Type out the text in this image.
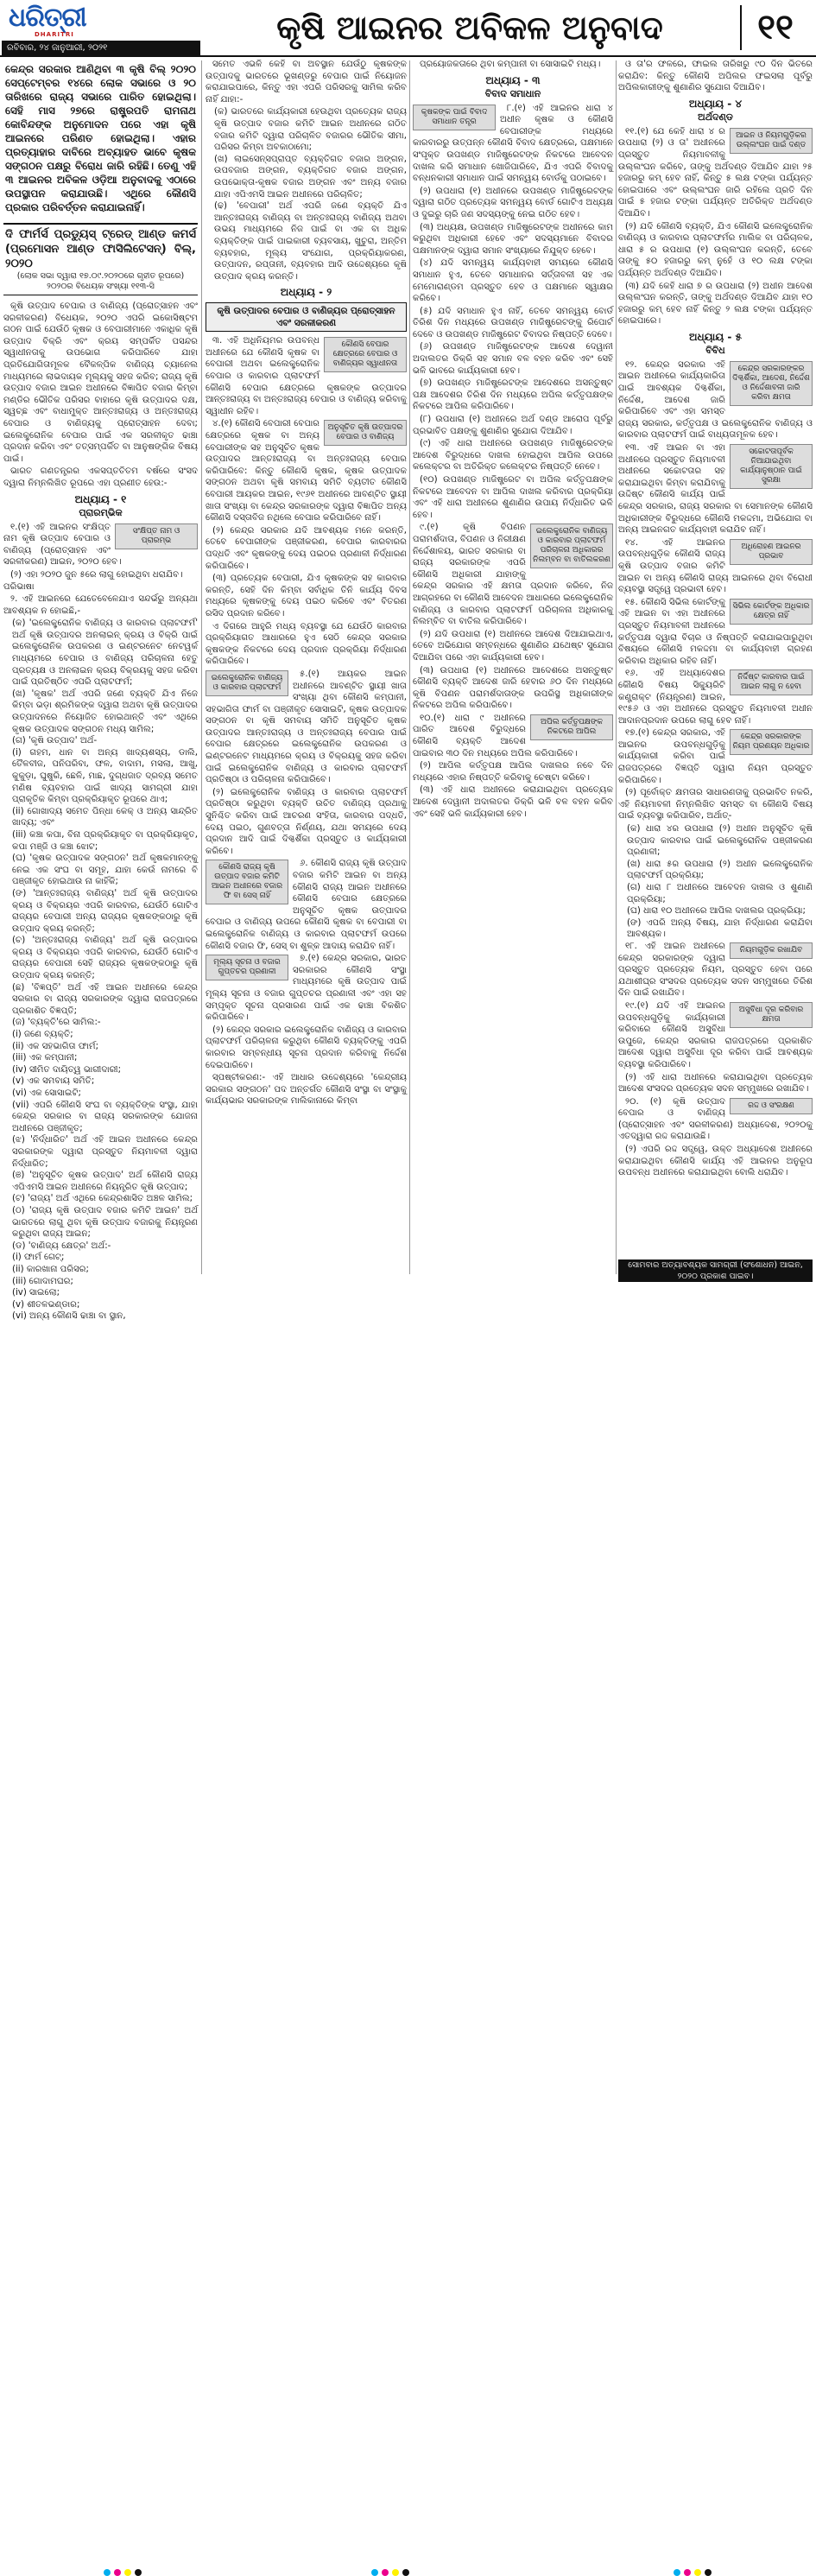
ଧରିତ୍ରୀ
DHARITRI
ରବିବାର, ୨୪ ଜାନୁଆରୀ, ୨୦୨୧
କୃଷି ଆଇନର ଅବିକଳ ଅନୁବାଦ	୧୧
କେନ୍ଦ୍ର ସରକାର ଆଣିଥିବା ୩ କୃଷି ବିଲ୍ ୨୦୨୦ ସେପ୍ଟେମ୍ବର ୧୪ରେ ଲୋକ ସଭାରେ ଓ ୨୦ ତାରିଖରେ ରାଜ୍ୟ ସଭାରେ ପାରିତ ହୋଇଥିଲା। ସେହି ମାସ ୨୭ରେ ରାଷ୍ଟ୍ରପତି ରାମନାଥ କୋବିନ୍ଦଙ୍କ ଅନୁମୋଦନ ପରେ ଏହା କୃଷି ଆଇନରେ ପରିଣତ ହୋଇଥିଲା। ଏହାର ପ୍ରତ୍ୟାହାର ଦାବିରେ ଅବ୍ୟାହତ ଭାବେ କୃଷକ ସଙ୍ଗଠନ ପକ୍ଷରୁ ବିରୋଧ ଜାରି ରହିଛି। ତେଣୁ ଏହି ୩ ଆଇନର ଅବିକଳ ଓଡ଼ିଆ ଅନୁବାଦକୁ ଏଠାରେ ଉପସ୍ଥାପନ କରାଯାଉଛି। ଏଥିରେ କୌଣସି ପ୍ରକାର ପରିବର୍ତ୍ତନ କରାଯାଇନାହିଁ।
ଦି ଫାର୍ମର୍ସ ପ୍ରଡ୍ୟୁସ୍ ଟ୍ରେଡ୍ ଆଣ୍ଡ କମର୍ସ (ପ୍ରମୋସନ ଆଣ୍ଡ ଫାସିଲିଟେସନ୍) ବିଲ୍, ୨୦୨୦
(ଲୋକ ସଭା ଦ୍ୱାରା ୧୭.୦୯.୨୦୨୦ରେ ଗୃହୀତ ରୂପରେ) ୨୦୨୦ର ବିଧେୟକ ସଂଖ୍ୟା ୧୧୩-ସି

କୃଷି ଉତ୍ପାଦ ବେପାର ଓ ବାଣିଜ୍ୟ (ପ୍ରୋତ୍ସାହନ ଏବଂ ସରଳୀକରଣ) ବିଧେୟକ, ୨୦୨୦ ଏପରି ଇକୋସିଷ୍ଟମ ଗଠନ ପାଇଁ ଯେଉଁଠି କୃଷକ ଓ ବେପାରୀମାନେ ଏକାଧିକ କୃଷି ଉତ୍ପାଦ ବିକ୍ରି ଏବଂ କ୍ରୟ ସମ୍ପର୍କିତ ପସନ୍ଦର ସ୍ୱାଧୀନତାକୁ ଉପଭୋଗ କରିପାରିବେ ଯାହା ପ୍ରତିଯୋଗିତାମୂଳକ ବୈକଳ୍ପିକ ବାଣିଜ୍ୟ ଚ୍ୟାନେଲ ମାଧ୍ୟମରେ ଲାଭଦାୟକ ମୂଲ୍ୟକୁ ସହଜ କରିବ; ରାଜ୍ୟ କୃଷି ଉତ୍ପାଦ ବଜାର ଆଇନ ଅଧୀନରେ ବିଜ୍ଞାପିତ ବଜାର କିମ୍ବା ମଣ୍ଡିର ଭୌତିକ ପରିସର ବାହାରେ କୃଷି ଉତ୍ପାଦର ଦକ୍ଷ, ସ୍ୱଚ୍ଛ ଏବଂ ବାଧାମୁକ୍ତ ଆନ୍ତଃରାଜ୍ୟ ଓ ଅନ୍ତଃରାଜ୍ୟ ବେପାର ଓ ବାଣିଜ୍ୟକୁ ପ୍ରୋତ୍ସାହନ ଦେବା; ଇଲେକ୍ଟ୍ରୋନିକ ବେପାର ପାଇଁ ଏକ ସରଳୀକୃତ ଢାଞ୍ଚା ପ୍ରଦାନ କରିବା ଏବଂ ତତ୍ସମ୍ପର୍କିତ ବା ଆନୁଷଙ୍ଗିକ ବିଷୟ ପାଇଁ।

ଭାରତ ଗଣତନ୍ତ୍ରର ଏକସପ୍ତତିତମ ବର୍ଷରେ ସଂସଦ ଦ୍ୱାରା ନିମ୍ନଲିଖିତ ରୂପରେ ଏହା ପ୍ରଣୀତ ହେଉ:-

ଅଧ୍ୟାୟ - ୧
ପ୍ରାରମ୍ଭିକ
ସଂକ୍ଷିପ୍ତ ନାମ ଓ ପ୍ରାରମ୍ଭ

୧.(୧) ଏହି ଆଇନର ସଂକ୍ଷିପ୍ତ ନାମ କୃଷି ଉତ୍ପାଦ ବେପାର ଓ ବାଣିଜ୍ୟ (ପ୍ରୋତ୍ସାହନ ଏବଂ ସରଳୀକରଣ) ଆଇନ, ୨୦୨୦ ହେବ।

(୨) ଏହା ୨୦୨୦ ଜୁନ ୫ରେ ଲାଗୁ ହୋଇଥିବା ଧରାଯିବ।

ପରିଭାଷା

୨. ଏହି ଆଇନରେ ଯେତେବେଳେଯାଏ ସନ୍ଦର୍ଭରୁ ଅନ୍ୟଥା ଆବଶ୍ୟକ ନ ହୋଇଛି,-

(କ) 'ଇଲେକ୍ଟ୍ରୋନିକ ବାଣିଜ୍ୟ ଓ କାରବାର ପ୍ଲାଟଫର୍ମ' ଅର୍ଥ କୃଷି ଉତ୍ପାଦର ଅନଲାଇନ୍ କ୍ରୟ ଓ ବିକ୍ରି ପାଇଁ ଇଲେକ୍ଟ୍ରୋନିକ ଉପକରଣ ଓ ଇଣ୍ଟରନେଟ ନେଟୱର୍କ ମାଧ୍ୟମରେ ବେପାର ଓ ବାଣିଜ୍ୟ ପରିଚାଳନା ହେତୁ ପ୍ରତ୍ୟକ୍ଷ ଓ ଅନଲାଇନ କ୍ରୟ ବିକ୍ରୟକୁ ସହଜ କରିବା ପାଇଁ ପ୍ରତିଷ୍ଠିତ ଏପରି ପ୍ଲାଟଫର୍ମ;

(ଖ) 'କୃଷକ' ଅର୍ଥ ଏପରି ଜଣେ ବ୍ୟକ୍ତି ଯିଏ ନିଜେ କିମ୍ବା ଭଡ଼ା ଶ୍ରମିକଙ୍କ ଦ୍ୱାରା ଅଥବା କୃଷି ଉତ୍ପାଦର ଉତ୍ପାଦନରେ ନିୟୋଜିତ ହୋଇଥାନ୍ତି ଏବଂ ଏଥିରେ କୃଷକ ଉତ୍ପାଦକ ସଙ୍ଗଠନ ମଧ୍ୟ ସାମିଲ;

(ଗ) 'କୃଷି ଉତ୍ପାଦ' ଅର୍ଥ-

(i) ଗହମ, ଧାନ ବା ଅନ୍ୟ ଖାଦ୍ୟଶସ୍ୟ, ଡାଲି, ତୈଳବୀଜ, ପନିପରିବା, ଫଳ, ବାଦାମ, ମସଲା, ଆଖୁ, କୁକୁଡ଼ା, ଘୁଷୁରି, ଛେଳି, ମାଛ, ଦୁଗ୍ଧଜାତ ଦ୍ରବ୍ୟ ସମେତ ମଣିଷ ବ୍ୟବହାର ପାଇଁ ଖାଦ୍ୟ ସାମଗ୍ରୀ ଯାହା ପ୍ରାକୃତିକ କିମ୍ବା ପ୍ରକ୍ରିୟାକୃତ ରୂପରେ ଥାଏ;

(ii) ଗୋଖାଦ୍ୟ ସମେତ ପିନ୍ଧା କେକ୍ ଓ ଅନ୍ୟ ସାନ୍ଦ୍ରିତ ଖାଦ୍ୟ; ଏବଂ

(iii) କଞ୍ଚା କପା, ବିନା ପ୍ରକ୍ରିୟାକୃତ ବା ପ୍ରକ୍ରିୟାକୃତ, କପା ମଞ୍ଜି ଓ କଞ୍ଚା ଝୋଟ;

(ଘ) 'କୃଷକ ଉତ୍ପାଦକ ସଙ୍ଗଠନ' ଅର୍ଥ କୃଷକମାନଙ୍କୁ ନେଇ ଏକ ସଂଘ ବା ସମୂହ, ଯାହା କେଉଁ ନାମରେ ବି ପଞ୍ଜୀକୃତ ହୋଇଥାଉ ନା କାହିଁକି;

(ଙ) 'ଆନ୍ତଃରାଜ୍ୟ ବାଣିଜ୍ୟ' ଅର୍ଥ କୃଷି ଉତ୍ପାଦର କ୍ରୟ ଓ ବିକ୍ରୟର ଏପରି କାରବାର, ଯେଉଁଠି ଗୋଟିଏ ରାଜ୍ୟର ବେପାରୀ ଅନ୍ୟ ରାଜ୍ୟର କୃଷକଙ୍କଠାରୁ କୃଷି ଉତ୍ପାଦ କ୍ରୟ କରନ୍ତି;

(ଚ) 'ଅନ୍ତଃରାଜ୍ୟ ବାଣିଜ୍ୟ' ଅର୍ଥ କୃଷି ଉତ୍ପାଦର କ୍ରୟ ଓ ବିକ୍ରୟର ଏପରି କାରବାର, ଯେଉଁଠି ଗୋଟିଏ ରାଜ୍ୟର ବେପାରୀ ସେହି ରାଜ୍ୟର କୃଷକଙ୍କଠାରୁ କୃଷି ଉତ୍ପାଦ କ୍ରୟ କରନ୍ତି;

(ଛ) 'ବିଜ୍ଞପ୍ତି' ଅର୍ଥ ଏହି ଆଇନ ଅଧୀନରେ କେନ୍ଦ୍ର ସରକାର ବା ରାଜ୍ୟ ସରକାରଙ୍କ ଦ୍ୱାରା ରାଜପତ୍ରରେ ପ୍ରକାଶିତ ବିଜ୍ଞପ୍ତି;

(ଜ) 'ବ୍ୟକ୍ତି'ରେ ସାମିଲ:-

(i) ଜଣେ ବ୍ୟକ୍ତି;

(ii) ଏକ ସହଭାଗିତା ଫାର୍ମ;

(iii) ଏକ କମ୍ପାନୀ;

(iv) ସୀମିତ ଦାୟିତ୍ୱ ଭାଗୀଦାରୀ;

(v) ଏକ ସମବାୟ ସମିତି;

(vi) ଏକ ସୋସାଇଟି;

(vii) ଏପରି କୌଣସି ସଂଘ ବା ବ୍ୟକ୍ତିଙ୍କ ସଂସ୍ଥା, ଯାହା କେନ୍ଦ୍ର ସରକାର ବା ରାଜ୍ୟ ସରକାରଙ୍କ ଯୋଜନା ଅଧୀନରେ ପଞ୍ଜୀକୃତ;

(ଝ) 'ନିର୍ଦ୍ଧାରିତ' ଅର୍ଥ ଏହି ଆଇନ ଅଧୀନରେ କେନ୍ଦ୍ର ସରକାରଙ୍କ ଦ୍ୱାରା ପ୍ରସ୍ତୁତ ନିୟମାବଳୀ ଦ୍ୱାରା ନିର୍ଦ୍ଧାରିତ;

(ଞ) 'ଅନୁସୂଚିତ କୃଷକ ଉତ୍ପାଦ' ଅର୍ଥ କୌଣସି ରାଜ୍ୟ ଏପିଏମସି ଆଇନ ଅଧୀନରେ ନିୟନ୍ତ୍ରିତ କୃଷି ଉତ୍ପାଦ;

(ଟ) 'ରାଜ୍ୟ' ଅର୍ଥ ଏଥିରେ କେନ୍ଦ୍ରଶାସିତ ଅଞ୍ଚଳ ସାମିଲ;

(ଠ) 'ରାଜ୍ୟ କୃଷି ଉତ୍ପାଦ ବଜାର କମିଟି ଆଇନ' ଅର୍ଥ ଭାରତରେ ଲାଗୁ ଥିବା କୃଷି ଉତ୍ପାଦ ବଜାରକୁ ନିୟନ୍ତ୍ରଣ କରୁଥିବା ରାଜ୍ୟ ଆଇନ;

(ଡ) 'ବାଣିଜ୍ୟ କ୍ଷେତ୍ର' ଅର୍ଥ:-

(i) ଫାର୍ମ ଗେଟ୍;

(ii) କାରଖାନା ପରିସର;

(iii) ଗୋଦାମଘର;

(iv) ସାଇଲୋ;

(v) ଶୀତଳଭଣ୍ଡାର;

(vi) ଅନ୍ୟ କୌଣସି ଢାଞ୍ଚା ବା ସ୍ଥାନ,

ସମେତ ଏଭଳି କେହି ବା ଅବସ୍ଥାନ ଯେଉଁଠୁ କୃଷକଙ୍କ ଉତ୍ପାଦକୁ ଭାରତରେ ଭୂଖଣ୍ଡରୁ ବେପାର ପାଇଁ ନିୟୋଜନ କରାଯାଇପାରେ, କିନ୍ତୁ ଏହା ଏପରି ପରିସରକୁ ସାମିଲ କରିବ ନାହିଁ ଯାହା:-

(କ) ଭାରତରେ କାର୍ଯ୍ୟକାରୀ ହେଉଥିବା ପ୍ରତ୍ୟେକ ରାଜ୍ୟ କୃଷି ଉତ୍ପାଦ ବଜାର କମିଟି ଆଇନ ଅଧୀନରେ ଗଠିତ ବଜାର କମିଟି ଦ୍ୱାରା ପରିଚାଳିତ ବଜାରର ଭୌତିକ ସୀମା, ପରିସର କିମ୍ବା ଅବକାଠାମୋ;

(ଖ) ଲାଇସେନ୍ସପ୍ରାପ୍ତ ବ୍ୟକ୍ତିଗତ ବଜାର ଅଙ୍ଗନ, ଉପବଜାର ଅଙ୍ଗନ, ବ୍ୟକ୍ତିଗତ ବଜାର ଅଙ୍ଗନ, ଉପଭୋକ୍ତା-କୃଷକ ବଜାର ଅଙ୍ଗନ ଏବଂ ଅନ୍ୟ ବଜାର ଯାହା ଏପିଏମସି ଆଇନ ଅଧୀନରେ ପରିଚାଳିତ;

(ଢ) 'ବେପାରୀ' ଅର୍ଥ ଏପରି ଜଣେ ବ୍ୟକ୍ତି ଯିଏ ଆନ୍ତଃରାଜ୍ୟ ବାଣିଜ୍ୟ ବା ଅନ୍ତଃରାଜ୍ୟ ବାଣିଜ୍ୟ ଅଥବା ଉଭୟ ମାଧ୍ୟମରେ ନିଜ ପାଇଁ ବା ଏକ ବା ଅଧିକ ବ୍ୟକ୍ତିଙ୍କ ପାଇଁ ପାଇକାରୀ ବ୍ୟବସାୟ, ଖୁଚୁରା, ଅନ୍ତିମ ବ୍ୟବହାର, ମୂଲ୍ୟ ସଂଯୋଗ, ପ୍ରକ୍ରିୟାକରଣ, ଉତ୍ପାଦନ, ରପ୍ତାନୀ, ବ୍ୟବହାର ଆଦି ଉଦ୍ଦେଶ୍ୟରେ କୃଷି ଉତ୍ପାଦ କ୍ରୟ କରନ୍ତି।

ଅଧ୍ୟାୟ - ୨
କୃଷି ଉତ୍ପାଦର ବେପାର ଓ ବାଣିଜ୍ୟର ପ୍ରୋତ୍ସାହନ ଏବଂ ସରଳୀକରଣ
କୌଣସି ବେପାର କ୍ଷେତ୍ରରେ ବେପାର ଓ ବାଣିଜ୍ୟର ସ୍ୱାଧୀନତା

୩. ଏହି ଅଧିନିୟମର ଉପବନ୍ଧ ଅଧୀନରେ ଯେ କୌଣସି କୃଷକ ବା ବେପାରୀ ଅଥବା ଇଲେକ୍ଟ୍ରୋନିକ ବେପାର ଓ କାରବାର ପ୍ଲାଟଫର୍ମ କୌଣସି ବେପାର କ୍ଷେତ୍ରରେ କୃଷକଙ୍କ ଉତ୍ପାଦର ଆନ୍ତଃରାଜ୍ୟ ବା ଅନ୍ତଃରାଜ୍ୟ ବେପାର ଓ ବାଣିଜ୍ୟ କରିବାକୁ ସ୍ୱାଧୀନ ରହିବ।

ଅନୁସୂଚିତ କୃଷି ଉତ୍ପାଦର ବେପାର ଓ ବାଣିଜ୍ୟ

୪.(୧) କୌଣସି ବେପାରୀ ବେପାର କ୍ଷେତ୍ରରେ କୃଷକ ବା ଅନ୍ୟ ବେପାରୀଙ୍କ ସହ ଅନୁସୂଚିତ କୃଷକ ଉତ୍ପାଦର ଆନ୍ତଃରାଜ୍ୟ ବା ଅନ୍ତଃରାଜ୍ୟ ବେପାର କରିପାରିବେ: କିନ୍ତୁ କୌଣସି କୃଷକ, କୃଷକ ଉତ୍ପାଦକ ସଙ୍ଗଠନ ଅଥବା କୃଷି ସମବାୟ ସମିତି ବ୍ୟତୀତ କୌଣସି ବେପାରୀ ଆୟକର ଆଇନ, ୧୯୬୧ ଅଧୀନରେ ଆବଣ୍ଟିତ ସ୍ଥାୟୀ ଖାତା ସଂଖ୍ୟା ବା କେନ୍ଦ୍ର ସରକାରଙ୍କ ଦ୍ୱାରା ବିଜ୍ଞାପିତ ଅନ୍ୟ କୌଣସି ଦସ୍ତାବିଜ ନଥିଲେ ବେପାର କରିପାରିବେ ନାହିଁ।

(୨) କେନ୍ଦ୍ର ସରକାର ଯଦି ଆବଶ୍ୟକ ମନେ କରନ୍ତି, ତେବେ ବେପାରୀଙ୍କ ପଞ୍ଜୀକରଣ, ବେପାର କାରବାରର ପଦ୍ଧତି ଏବଂ କୃଷକଙ୍କୁ ଦେୟ ପଇଠର ପ୍ରଣାଳୀ ନିର୍ଦ୍ଧାରଣ କରିପାରିବେ।

(୩) ପ୍ରତ୍ୟେକ ବେପାରୀ, ଯିଏ କୃଷକଙ୍କ ସହ କାରବାର କରନ୍ତି, ସେହି ଦିନ କିମ୍ବା ସର୍ବାଧିକ ତିନି କାର୍ଯ୍ୟ ଦିବସ ମଧ୍ୟରେ କୃଷକଙ୍କୁ ଦେୟ ପଇଠ କରିବେ ଏବଂ ବିତରଣ ରସିଦ ପ୍ରଦାନ କରିବେ।

ଏ ଦିଗରେ ଆହୁରି ମଧ୍ୟ ବ୍ୟବସ୍ଥା ଯେ ଯେଉଁଠି କାରବାର ପ୍ରକ୍ରିୟାଗତ ଆଧାରରେ ହୁଏ ସେଠି କେନ୍ଦ୍ର ସରକାର କୃଷକଙ୍କ ନିକଟରେ ଦେୟ ପ୍ରଦାନ ପ୍ରକ୍ରିୟା ନିର୍ଦ୍ଧାରଣ କରିପାରିବେ।

ଇଲେକ୍ଟ୍ରୋନିକ ବାଣିଜ୍ୟ ଓ କାରବାର ପ୍ଲାଟଫର୍ମ

୫.(୧) ଆୟକର ଆଇନ ଅଧୀନରେ ଆବଣ୍ଟିତ ସ୍ଥାୟୀ ଖାତା ସଂଖ୍ୟା ଥିବା କୌଣସି କମ୍ପାନୀ, ସହଭାଗିତା ଫାର୍ମ ବା ପଞ୍ଜୀକୃତ ସୋସାଇଟି, କୃଷକ ଉତ୍ପାଦକ ସଙ୍ଗଠନ ବା କୃଷି ସମବାୟ ସମିତି ଅନୁସୂଚିତ କୃଷକ ଉତ୍ପାଦର ଆନ୍ତଃରାଜ୍ୟ ଓ ଅନ୍ତଃରାଜ୍ୟ ବେପାର ପାଇଁ ବେପାର କ୍ଷେତ୍ରରେ ଇଲେକ୍ଟ୍ରୋନିକ ଉପକରଣ ଓ ଇଣ୍ଟରନେଟ ମାଧ୍ୟମରେ କ୍ରୟ ଓ ବିକ୍ରୟକୁ ସହଜ କରିବା ପାଇଁ ଇଲେକ୍ଟ୍ରୋନିକ ବାଣିଜ୍ୟ ଓ କାରବାର ପ୍ଲାଟଫର୍ମ ପ୍ରତିଷ୍ଠା ଓ ପରିଚାଳନା କରିପାରିବେ।

(୨) ଇଲେକ୍ଟ୍ରୋନିକ ବାଣିଜ୍ୟ ଓ କାରବାର ପ୍ଲାଟଫର୍ମ ପ୍ରତିଷ୍ଠା କରୁଥିବା ବ୍ୟକ୍ତି ଉଚିତ ବାଣିଜ୍ୟ ପ୍ରଥାକୁ ସୁନିଶ୍ଚିତ କରିବା ପାଇଁ ଆଚରଣ ସଂହିତା, କାରବାର ପଦ୍ଧତି, ଦେୟ ପଇଠ, ଗୁଣବତ୍ତା ନିର୍ଣ୍ଣୟ, ଯଥା ସମୟରେ ଦେୟ ପ୍ରଦାନ ଆଦି ପାଇଁ ଦିଗ୍ଦର୍ଶିକା ପ୍ରସ୍ତୁତ ଓ କାର୍ଯ୍ୟକାରୀ କରିବେ।

କୌଣସି ରାଜ୍ୟ କୃଷି ଉତ୍ପାଦ ବଜାର କମିଟି ଆଇନ ଅଧୀନରେ ବଜାର ଫି ବା ସେସ୍ ନାହିଁ

୬. କୌଣସି ରାଜ୍ୟ କୃଷି ଉତ୍ପାଦ ବଜାର କମିଟି ଆଇନ ବା ଅନ୍ୟ କୌଣସି ରାଜ୍ୟ ଆଇନ ଅଧୀନରେ କୌଣସି ବେପାର କ୍ଷେତ୍ରରେ ଅନୁସୂଚିତ କୃଷକ ଉତ୍ପାଦର ବେପାର ଓ ବାଣିଜ୍ୟ ଉପରେ କୌଣସି କୃଷକ ବା ବେପାରୀ ବା ଇଲେକ୍ଟ୍ରୋନିକ ବାଣିଜ୍ୟ ଓ କାରବାର ପ୍ଲାଟଫର୍ମ ଉପରେ କୌଣସି ବଜାର ଫି, ସେସ୍ ବା ଶୁଳ୍କ ଆଦାୟ କରାଯିବ ନାହିଁ।

ମୂଲ୍ୟ ସୂଚନା ଓ ବଜାର ଗୁପ୍ତଚର ପ୍ରଣାଳୀ

୭.(୧) କେନ୍ଦ୍ର ସରକାର, ଭାରତ ସରକାରର କୌଣସି ସଂସ୍ଥା ମାଧ୍ୟମରେ କୃଷି ଉତ୍ପାଦ ପାଇଁ ମୂଲ୍ୟ ସୂଚନା ଓ ବଜାର ଗୁପ୍ତଚର ପ୍ରଣାଳୀ ଏବଂ ଏହା ସହ ସମ୍ପୃକ୍ତ ସୂଚନା ପ୍ରସାରଣ ପାଇଁ ଏକ ଢାଞ୍ଚା ବିକଶିତ କରିପାରିବେ।

(୨) କେନ୍ଦ୍ର ସରକାର ଇଲେକ୍ଟ୍ରୋନିକ ବାଣିଜ୍ୟ ଓ କାରବାର ପ୍ଲାଟଫର୍ମ ପରିଚାଳନା କରୁଥିବା କୌଣସି ବ୍ୟକ୍ତିଙ୍କୁ ଏପରି କାରବାର ସମ୍ବନ୍ଧୀୟ ସୂଚନା ପ୍ରଦାନ କରିବାକୁ ନିର୍ଦ୍ଦେଶ ଦେଇପାରିବେ।

ସ୍ପଷ୍ଟୀକରଣ:- ଏହି ଆଧାର ଉଦ୍ଦେଶ୍ୟରେ 'କେନ୍ଦ୍ରୀୟ ସରକାର ସଙ୍ଗଠନ' ପଦ ଅନ୍ତର୍ଗତ କୌଣସି ସଂସ୍ଥା ବା ସଂସ୍ଥାକୁ କାର୍ଯ୍ୟଭାର ସରକାରଙ୍କ ମାଲିକାନାରେ କିମ୍ବା

ପ୍ରୟୋଜକତାରେ ଥିବା କମ୍ପାନୀ ବା ସୋସାଇଟି ମଧ୍ୟ।

ଅଧ୍ୟାୟ - ୩
ବିବାଦ ସମାଧାନ
କୃଷକଙ୍କ ପାଇଁ ବିବାଦ ସମାଧାନ ତନ୍ତ୍ର

୮.(୧) ଏହି ଆଇନର ଧାରା ୪ ଅଧୀନ କୃଷକ ଓ କୌଣସି ବେପାରୀଙ୍କ ମଧ୍ୟରେ କାରବାରରୁ ଉତ୍ପନ୍ନ କୌଣସି ବିବାଦ କ୍ଷେତ୍ରରେ, ପକ୍ଷମାନେ ସଂପୃକ୍ତ ଉପଖଣ୍ଡ ମାଜିଷ୍ଟ୍ରେଟଙ୍କ ନିକଟରେ ଆବେଦନ ଦାଖଲ କରି ସମାଧାନ ଖୋଜିପାରିବେ, ଯିଏ ଏପରି ବିବାଦକୁ ବନ୍ଧନକାରୀ ସମାଧାନ ପାଇଁ ସମନ୍ୱୟ ବୋର୍ଡକୁ ପଠାଇବେ।

(୨) ଉପଧାରା (୧) ଅଧୀନରେ ଉପଖଣ୍ଡ ମାଜିଷ୍ଟ୍ରେଟଙ୍କ ଦ୍ୱାରା ଗଠିତ ପ୍ରତ୍ୟେକ ସମନ୍ୱୟ ବୋର୍ଡ ଗୋଟିଏ ଅଧ୍ୟକ୍ଷ ଓ ଦୁଇରୁ ଚାରି ଜଣ ସଦସ୍ୟଙ୍କୁ ନେଇ ଗଠିତ ହେବ।

(୩) ଅଧ୍ୟକ୍ଷ, ଉପଖଣ୍ଡ ମାଜିଷ୍ଟ୍ରେଟଙ୍କ ଅଧୀନରେ କାମ କରୁଥିବା ଅଧିକାରୀ ହେବେ ଏବଂ ସଦସ୍ୟମାନେ ବିବାଦର ପକ୍ଷମାନଙ୍କ ଦ୍ୱାରା ସମାନ ସଂଖ୍ୟାରେ ନିଯୁକ୍ତ ହେବେ।

(୪) ଯଦି ସମନ୍ୱୟ କାର୍ଯ୍ୟବାହୀ ସମୟରେ କୌଣସି ସମାଧାନ ହୁଏ, ତେବେ ସମାଧାନର ସର୍ତ୍ତାବଳୀ ସହ ଏକ ମେମୋରାଣ୍ଡମ ପ୍ରସ୍ତୁତ ହେବ ଓ ପକ୍ଷମାନେ ସ୍ୱାକ୍ଷର କରିବେ।

(୫) ଯଦି ସମାଧାନ ହୁଏ ନାହିଁ, ତେବେ ସମନ୍ୱୟ ବୋର୍ଡ ତିରିଶ ଦିନ ମଧ୍ୟରେ ଉପଖଣ୍ଡ ମାଜିଷ୍ଟ୍ରେଟଙ୍କୁ ରିପୋର୍ଟ ଦେବେ ଓ ଉପଖଣ୍ଡ ମାଜିଷ୍ଟ୍ରେଟ ବିବାଦର ନିଷ୍ପତ୍ତି ଦେବେ।

(୬) ଉପଖଣ୍ଡ ମାଜିଷ୍ଟ୍ରେଟଙ୍କ ଆଦେଶ ଦେୱାନୀ ଅଦାଲତର ଡିକ୍ରି ସହ ସମାନ ବଳ ବହନ କରିବ ଏବଂ ସେହି ଭଳି ଭାବରେ କାର୍ଯ୍ୟକାରୀ ହେବ।

(୭) ଉପଖଣ୍ଡ ମାଜିଷ୍ଟ୍ରେଟଙ୍କ ଆଦେଶରେ ଅସନ୍ତୁଷ୍ଟ ପକ୍ଷ ଆଦେଶର ତିରିଶ ଦିନ ମଧ୍ୟରେ ଅପିଲ କର୍ତ୍ତୃପକ୍ଷଙ୍କ ନିକଟରେ ଆପିଲ କରିପାରିବେ।

(୮) ଉପଧାରା (୧) ଅଧୀନରେ ଅର୍ଥ ଦଣ୍ଡ ଆରୋପ ପୂର୍ବରୁ ପ୍ରଭାବିତ ପକ୍ଷଙ୍କୁ ଶୁଣାଣିର ସୁଯୋଗ ଦିଆଯିବ।

(୯) ଏହି ଧାରା ଅଧୀନରେ ଉପଖଣ୍ଡ ମାଜିଷ୍ଟ୍ରେଟଙ୍କ ଆଦେଶ ବିରୁଦ୍ଧରେ ଦାଖଲ ହୋଇଥିବା ଆପିଲ ଉପରେ କଲେକ୍ଟର ବା ଅତିରିକ୍ତ କଲେକ୍ଟର ନିଷ୍ପତ୍ତି ନେବେ।

(୧୦) ଉପଖଣ୍ଡ ମାଜିଷ୍ଟ୍ରେଟ ବା ଅପିଲ କର୍ତ୍ତୃପକ୍ଷଙ୍କ ନିକଟରେ ଆବେଦନ ବା ଆପିଲ ଦାଖଲ କରିବାର ପ୍ରକ୍ରିୟା ଏବଂ ଏହି ଧାରା ଅଧୀନରେ ଶୁଣାଣିର ଉପାୟ ନିର୍ଦ୍ଧାରିତ ଭଳି ହେବ।

ଇଲେକ୍ଟ୍ରୋନିକ ବାଣିଜ୍ୟ ଓ କାରବାର ପ୍ଲାଟଫର୍ମ ପରିଚାଳନା ଅଧିକାରର ନିଲମ୍ବନ ବା ବାତିଲକରଣ

୯.(୧) କୃଷି ବିପଣନ ପରାମର୍ଶଦାତା, ବିପଣନ ଓ ନିରୀକ୍ଷଣ ନିର୍ଦ୍ଦେଶାଳୟ, ଭାରତ ସରକାର ବା ରାଜ୍ୟ ସରକାରଙ୍କ ଏପରି କୌଣସି ଅଧିକାରୀ ଯାହାଙ୍କୁ କେନ୍ଦ୍ର ସରକାର ଏହି କ୍ଷମତା ପ୍ରଦାନ କରିବେ, ନିଜ ଆଗ୍ରହରେ ବା କୌଣସି ଆବେଦନ ଆଧାରରେ ଇଲେକ୍ଟ୍ରୋନିକ ବାଣିଜ୍ୟ ଓ କାରବାର ପ୍ଲାଟଫର୍ମ ପରିଚାଳନା ଅଧିକାରକୁ ନିଲମ୍ବିତ ବା ବାତିଲ କରିପାରିବେ।

(୨) ଯଦି ଉପଧାରା (୧) ଅଧୀନରେ ଆଦେଶ ଦିଆଯାଇଥାଏ, ତେବେ ଅଭିଯୋଗ ସମ୍ବନ୍ଧରେ ଶୁଣାଣିର ଯଥେଷ୍ଟ ସୁଯୋଗ ଦିଆଯିବା ପରେ ଏହା କାର୍ଯ୍ୟକାରୀ ହେବ।

(୩) ଉପଧାରା (୧) ଅଧୀନରେ ଆଦେଶରେ ଅସନ୍ତୁଷ୍ଟ କୌଣସି ବ୍ୟକ୍ତି ଆଦେଶ ଜାରି ହେବାର ୬୦ ଦିନ ମଧ୍ୟରେ କୃଷି ବିପଣନ ପରାମର୍ଶଦାତାଙ୍କ ଉପରିସ୍ଥ ଅଧିକାରୀଙ୍କ ନିକଟରେ ଅପିଲ କରିପାରିବେ।

ଅପିଲ କର୍ତ୍ତୃପକ୍ଷଙ୍କ ନିକଟରେ ଆପିଲ

୧୦.(୧) ଧାରା ୯ ଅଧୀନରେ ପାରିତ ଆଦେଶ ବିରୁଦ୍ଧରେ କୌଣସି ବ୍ୟକ୍ତି ଆଦେଶ ପାଇବାର ୩୦ ଦିନ ମଧ୍ୟରେ ଅପିଲ କରିପାରିବେ।

(୨) ଆପିଲ କର୍ତ୍ତୃପକ୍ଷ ଆପିଲ ଦାଖଲର ନବେ ଦିନ ମଧ୍ୟରେ ଏହାର ନିଷ୍ପତ୍ତି କରିବାକୁ ଚେଷ୍ଟା କରିବେ।

(୩) ଏହି ଧାରା ଅଧୀନରେ କରାଯାଇଥିବା ପ୍ରତ୍ୟେକ ଆଦେଶ ଦେୱାନୀ ଅଦାଲତର ଡିକ୍ରି ଭଳି ବଳ ବହନ କରିବ ଏବଂ ସେହି ଭଳି କାର୍ଯ୍ୟକାରୀ ହେବ।

ଓ ତା'ର ଫଳରେ, ଫାଇଲ ତାରିଖରୁ ୯୦ ଦିନ ଭିତରେ କରାଯିବ: କିନ୍ତୁ କୌଣସି ଅପିଲର ଫଇସଲା ପୂର୍ବରୁ ଅପିଲକାରୀଙ୍କୁ ଶୁଣାଣିର ସୁଯୋଗ ଦିଆଯିବ।

ଅଧ୍ୟାୟ - ୪
ଅର୍ଥଦଣ୍ଡ
ଆଇନ ଓ ନିୟମଗୁଡ଼ିକର ଉଲ୍ଲଂଘନ ପାଇଁ ଦଣ୍ଡ

୧୧.(୧) ଯେ କେହି ଧାରା ୪ ର ଉପଧାରା (୨) ଓ ତା' ଅଧୀନରେ ପ୍ରସ୍ତୁତ ନିୟମାବଳୀକୁ ଉଲ୍ଲଂଘନ କରିବେ, ତାଙ୍କୁ ଅର୍ଥଦଣ୍ଡ ଦିଆଯିବ ଯାହା ୨୫ ହଜାରରୁ କମ୍ ହେବ ନାହିଁ, କିନ୍ତୁ ୫ ଲକ୍ଷ ଟଙ୍କା ପର୍ଯ୍ୟନ୍ତ ହୋଇପାରେ ଏବଂ ଉଲ୍ଲଂଘନ ଜାରି ରହିଲେ ପ୍ରତି ଦିନ ପାଇଁ ୫ ହଜାର ଟଙ୍କା ପର୍ଯ୍ୟନ୍ତ ଅତିରିକ୍ତ ଅର୍ଥଦଣ୍ଡ ଦିଆଯିବ।

(୨) ଯଦି କୌଣସି ବ୍ୟକ୍ତି, ଯିଏ କୌଣସି ଇଲେକ୍ଟ୍ରୋନିକ ବାଣିଜ୍ୟ ଓ କାରବାର ପ୍ଲାଟଫର୍ମର ମାଲିକ ବା ପରିଚାଳକ, ଧାରା ୫ ର ଉପଧାରା (୧) ଉଲ୍ଲଂଘନ କରନ୍ତି, ତେବେ ତାଙ୍କୁ ୫୦ ହଜାରରୁ କମ୍ ନୁହେଁ ଓ ୧୦ ଲକ୍ଷ ଟଙ୍କା ପର୍ଯ୍ୟନ୍ତ ଅର୍ଥଦଣ୍ଡ ଦିଆଯିବ।

(୩) ଯଦି କେହି ଧାରା ୭ ର ଉପଧାରା (୨) ଅଧୀନ ଆଦେଶ ଉଲ୍ଲଂଘନ କରନ୍ତି, ତାଙ୍କୁ ଅର୍ଥଦଣ୍ଡ ଦିଆଯିବ ଯାହା ୧୦ ହଜାରରୁ କମ୍ ହେବ ନାହିଁ କିନ୍ତୁ ୨ ଲକ୍ଷ ଟଙ୍କା ପର୍ଯ୍ୟନ୍ତ ହୋଇପାରେ।

ଅଧ୍ୟାୟ - ୫
ବିବିଧ
କେନ୍ଦ୍ର ସରକାରଙ୍କର ଦିଗ୍ଦର୍ଶିକା, ଆଦେଶ, ନିର୍ଦ୍ଦେଶ ଓ ନିର୍ଦ୍ଦେଶାବଳୀ ଜାରି କରିବା କ୍ଷମତା

୧୨. କେନ୍ଦ୍ର ସରକାର ଏହି ଆଇନ ଅଧୀନରେ କାର୍ଯ୍ୟକାରିତା ପାଇଁ ଆବଶ୍ୟକ ଦିଗ୍ଦର୍ଶିକା, ନିର୍ଦ୍ଦେଶ, ଆଦେଶ ଜାରି କରିପାରିବେ ଏବଂ ଏହା ସମସ୍ତ ରାଜ୍ୟ ସରକାର, କର୍ତ୍ତୃପକ୍ଷ ଓ ଇଲେକ୍ଟ୍ରୋନିକ ବାଣିଜ୍ୟ ଓ କାରବାର ପ୍ଲାଟଫର୍ମ ପାଇଁ ବାଧ୍ୟତାମୂଳକ ହେବ।

ସଚ୍ଚୋଟତାପୂର୍ବକ ନିଆଯାଇଥିବା କାର୍ଯ୍ୟାନୁଷ୍ଠାନ ପାଇଁ ସୁରକ୍ଷା

୧୩. ଏହି ଆଇନ ବା ଏହା ଅଧୀନରେ ପ୍ରସ୍ତୁତ ନିୟମାବଳୀ ଅଧୀନରେ ସଚ୍ଚୋଟତାର ସହ କରାଯାଇଥିବା କିମ୍ବା କରାଯିବାକୁ ଉଦ୍ଦିଷ୍ଟ କୌଣସି କାର୍ଯ୍ୟ ପାଇଁ କେନ୍ଦ୍ର ସରକାର, ରାଜ୍ୟ ସରକାର ବା ସେମାନଙ୍କ କୌଣସି ଅଧିକାରୀଙ୍କ ବିରୁଦ୍ଧରେ କୌଣସି ମକଦ୍ଦମା, ଅଭିଯୋଗ ବା ଅନ୍ୟ ଆଇନଗତ କାର୍ଯ୍ୟବାହୀ କରାଯିବ ନାହିଁ।

ଅଧିରୋହଣ ଆଇନର ପ୍ରଭାବ

୧୪. ଏହି ଆଇନର ଉପବନ୍ଧଗୁଡ଼ିକ କୌଣସି ରାଜ୍ୟ କୃଷି ଉତ୍ପାଦ ବଜାର କମିଟି ଆଇନ ବା ଅନ୍ୟ କୌଣସି ରାଜ୍ୟ ଆଇନରେ ଥିବା ବିରୋଧୀ ବ୍ୟବସ୍ଥା ସତ୍ତ୍ୱେ ପ୍ରଭାବୀ ହେବ।

ସିଭିଲ କୋର୍ଟଙ୍କ ଅଧିକାର କ୍ଷେତ୍ର ନାହିଁ

୧୫. କୌଣସି ସିଭିଲ କୋର୍ଟଙ୍କୁ ଏହି ଆଇନ ବା ଏହା ଅଧୀନରେ ପ୍ରସ୍ତୁତ ନିୟମାବଳୀ ଅଧୀନରେ କର୍ତ୍ତୃପକ୍ଷ ଦ୍ୱାରା ବିଚାର ଓ ନିଷ୍ପତ୍ତି କରାଯାଇପାରୁଥିବା ବିଷୟରେ କୌଣସି ମକଦ୍ଦମା ବା କାର୍ଯ୍ୟବାହୀ ଗ୍ରହଣ କରିବାର ଅଧିକାର ରହିବ ନାହିଁ।

ନିର୍ଦ୍ଦିଷ୍ଟ କାରବାର ପାଇଁ ଆଇନ ଲାଗୁ ନ ହେବା

୧୬. ଏହି ଅଧ୍ୟାଦେଶର କୌଣସି ବିଷୟ ସିକ୍ୟୁରିଟି କଣ୍ଟ୍ରାକ୍ଟ (ନିୟନ୍ତ୍ରଣ) ଆଇନ, ୧୯୫୬ ଓ ଏହା ଅଧୀନରେ ପ୍ରସ୍ତୁତ ନିୟମାବଳୀ ଅଧୀନ ଆଦାନପ୍ରଦାନ ଉପରେ ଲାଗୁ ହେବ ନାହିଁ।

କେନ୍ଦ୍ର ସରକାରଙ୍କ ନିୟମ ପ୍ରଣୟନ ଅଧିକାର

୧୭.(୧) କେନ୍ଦ୍ର ସରକାର, ଏହି ଆଇନର ଉପବନ୍ଧଗୁଡ଼ିକୁ କାର୍ଯ୍ୟକାରୀ କରିବା ପାଇଁ ରାଜପତ୍ରରେ ବିଜ୍ଞପ୍ତି ଦ୍ୱାରା ନିୟମ ପ୍ରସ୍ତୁତ କରିପାରିବେ।

(୨) ପୂର୍ବୋକ୍ତ କ୍ଷମତାର ସାଧାରଣତାକୁ ପ୍ରଭାବିତ ନକରି, ଏହି ନିୟମାବଳୀ ନିମ୍ନଲିଖିତ ସମସ୍ତ ବା କୌଣସି ବିଷୟ ପାଇଁ ବ୍ୟବସ୍ଥା କରିପାରିବ, ଅର୍ଥାତ୍-

(କ) ଧାରା ୪ର ଉପଧାରା (୨) ଅଧୀନ ଅନୁସୂଚିତ କୃଷି ଉତ୍ପାଦ କାରବାର ପାଇଁ ଇଲେକ୍ଟ୍ରୋନିକ ପଞ୍ଜୀକରଣ ପ୍ରଣାଳୀ;

(ଖ) ଧାରା ୫ର ଉପଧାରା (୨) ଅଧୀନ ଇଲେକ୍ଟ୍ରୋନିକ ପ୍ଲାଟଫର୍ମ ପ୍ରକ୍ରିୟା;

(ଗ) ଧାରା ୮ ଅଧୀନରେ ଆବେଦନ ଦାଖଲ ଓ ଶୁଣାଣି ପ୍ରକ୍ରିୟା;

(ଘ) ଧାରା ୧୦ ଅଧୀନରେ ଆପିଲ ଦାଖଲର ପ୍ରକ୍ରିୟା;

(ଙ) ଏପରି ଅନ୍ୟ ବିଷୟ, ଯାହା ନିର୍ଦ୍ଧାରଣ କରାଯିବା ଆବଶ୍ୟକ।

ନିୟମଗୁଡ଼ିକ ରଖାଯିବ

୧୮. ଏହି ଆଇନ ଅଧୀନରେ କେନ୍ଦ୍ର ସରକାରଙ୍କ ଦ୍ୱାରା ପ୍ରସ୍ତୁତ ପ୍ରତ୍ୟେକ ନିୟମ, ପ୍ରସ୍ତୁତ ହେବା ପରେ ଯଥାଶୀଘ୍ର ସଂସଦର ପ୍ରତ୍ୟେକ ସଦନ ସମ୍ମୁଖରେ ତିରିଶ ଦିନ ପାଇଁ ରଖାଯିବ।

ଅସୁବିଧା ଦୂର କରିବାର କ୍ଷମତା

୧୯.(୧) ଯଦି ଏହି ଆଇନର ଉପବନ୍ଧଗୁଡ଼ିକୁ କାର୍ଯ୍ୟକାରୀ କରିବାରେ କୌଣସି ଅସୁବିଧା ଉପୁଜେ, କେନ୍ଦ୍ର ସରକାର ରାଜପତ୍ରରେ ପ୍ରକାଶିତ ଆଦେଶ ଦ୍ୱାରା ଅସୁବିଧା ଦୂର କରିବା ପାଇଁ ଆବଶ୍ୟକ ବ୍ୟବସ୍ଥା କରିପାରିବେ।

(୨) ଏହି ଧାରା ଅଧୀନରେ କରାଯାଇଥିବା ପ୍ରତ୍ୟେକ ଆଦେଶ ସଂସଦର ପ୍ରତ୍ୟେକ ସଦନ ସମ୍ମୁଖରେ ରଖାଯିବ।

ରଦ୍ଦ ଓ ସଂରକ୍ଷଣ

୨୦. (୧) କୃଷି ଉତ୍ପାଦ ବେପାର ଓ ବାଣିଜ୍ୟ (ପ୍ରୋତ୍ସାହନ ଏବଂ ସରଳୀକରଣ) ଅଧ୍ୟାଦେଶ, ୨୦୨୦କୁ ଏତଦ୍ୱାରା ରଦ୍ଦ କରାଯାଉଛି।

(୨) ଏପରି ରଦ୍ଦ ସତ୍ତ୍ୱେ, ଉକ୍ତ ଅଧ୍ୟାଦେଶ ଅଧୀନରେ କରାଯାଇଥିବା କୌଣସି କାର୍ଯ୍ୟ ଏହି ଆଇନର ଅନୁରୂପ ଉପବନ୍ଧ ଅଧୀନରେ କରାଯାଇଥିବା ବୋଲି ଧରାଯିବ।

ସୋମବାର ଅତ୍ୟାବଶ୍ୟକ ସାମଗ୍ରୀ (ସଂଶୋଧନ) ଆଇନ, ୨୦୨୦ ପ୍ରକାଶ ପାଇବ।
